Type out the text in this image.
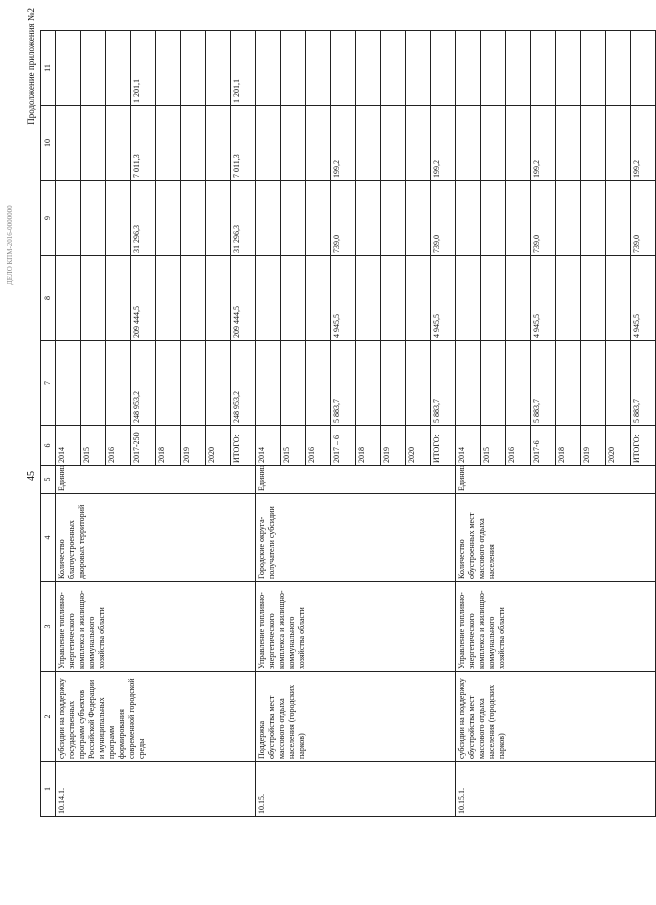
ДЕЛО КПМ-2016-0000000
Продолжение приложения №2
45
1	2	3	4	5	6	7	8	9	10	11
10.14.1.	субсидии на поддержку государственных программ субъектов Российской Федерации и муниципальных программ формирования современной городской среды	Управление топливно-энергетического комплекса и жилищно-коммунального хозяйства области	Количество благоустроенных дворовых территорий	Единиц	2014					
					2015					
					2016					
					2017-250	248 953,2	209 444,5	31 296,3	7 011,3	1 201,1
					2018					
					2019					
					2020					
					ИТОГО:	248 953,2	209 444,5	31 296,3	7 011,3	1 201,1
10.15.	Поддержка обустройства мест массового отдыха населения (городских парков)	Управление топливно-энергетического комплекса и жилищно-коммунального хозяйства области	Городские округа-получатели субсидии	Единиц	2014					
					2015					
					2016					
					2017 – 6	5 883,7	4 945,5	739,0	199,2	
					2018					
					2019					
					2020					
					ИТОГО:	5 883,7	4 945,5	739,0	199,2	
10.15.1.	субсидии на поддержку обустройства мест массового отдыха населения (городских парков)	Управление топливно-энергетического комплекса и жилищно-коммунального хозяйства области	Количество обустроенных мест массового отдыха населения	Единиц	2014					
					2015					
					2016					
					2017-6	5 883,7	4 945,5	739,0	199,2	
					2018					
					2019					
					2020					
					ИТОГО:	5 883,7	4 945,5	739,0	199,2	
